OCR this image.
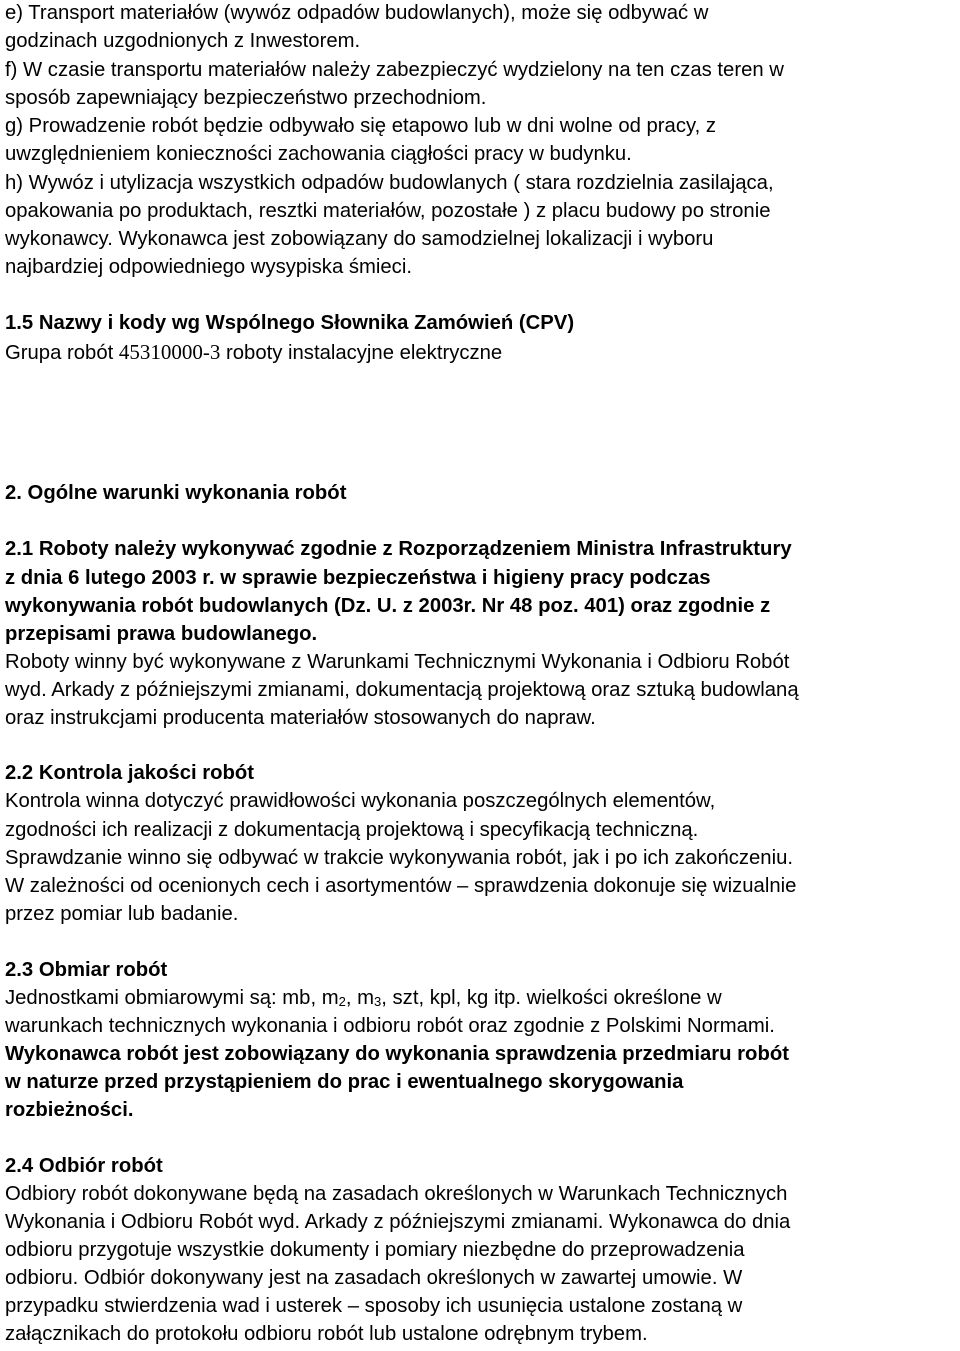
e) Transport materiałów (wywóz odpadów budowlanych), może się odbywać w
godzinach uzgodnionych z Inwestorem.
f) W czasie transportu materiałów należy zabezpieczyć wydzielony na ten czas teren w
sposób zapewniający bezpieczeństwo przechodniom.
g) Prowadzenie robót będzie odbywało się etapowo lub w dni wolne od pracy, z
uwzględnieniem konieczności zachowania ciągłości pracy w budynku.
h) Wywóz i utylizacja wszystkich odpadów budowlanych ( stara rozdzielnia zasilająca,
opakowania po produktach, resztki materiałów, pozostałe ) z placu budowy po stronie
wykonawcy. Wykonawca jest zobowiązany do samodzielnej lokalizacji i wyboru
najbardziej odpowiedniego wysypiska śmieci.
1.5 Nazwy i kody wg Wspólnego Słownika Zamówień (CPV)
Grupa robót 45310000-3 roboty instalacyjne elektryczne
2. Ogólne warunki wykonania robót
2.1 Roboty należy wykonywać zgodnie z Rozporządzeniem Ministra Infrastruktury
z dnia 6 lutego 2003 r. w sprawie bezpieczeństwa i higieny pracy podczas
wykonywania robót budowlanych (Dz. U. z 2003r. Nr 48 poz. 401) oraz zgodnie z
przepisami prawa budowlanego.
Roboty winny być wykonywane z Warunkami Technicznymi Wykonania i Odbioru Robót
wyd. Arkady z późniejszymi zmianami, dokumentacją projektową oraz sztuką budowlaną
oraz instrukcjami producenta materiałów stosowanych do napraw.
2.2 Kontrola jakości robót
Kontrola winna dotyczyć prawidłowości wykonania poszczególnych elementów,
zgodności ich realizacji z dokumentacją projektową i specyfikacją techniczną.
Sprawdzanie winno się odbywać w trakcie wykonywania robót, jak i po ich zakończeniu.
W zależności od ocenionych cech i asortymentów – sprawdzenia dokonuje się wizualnie
przez pomiar lub badanie.
2.3 Obmiar robót
Jednostkami obmiarowymi są: mb, m2, m3, szt, kpl, kg itp. wielkości określone w
warunkach technicznych wykonania i odbioru robót oraz zgodnie z Polskimi Normami.
Wykonawca robót jest zobowiązany do wykonania sprawdzenia przedmiaru robót
w naturze przed przystąpieniem do prac i ewentualnego skorygowania
rozbieżności.
2.4 Odbiór robót
Odbiory robót dokonywane będą na zasadach określonych w Warunkach Technicznych
Wykonania i Odbioru Robót wyd. Arkady z późniejszymi zmianami. Wykonawca do dnia
odbioru przygotuje wszystkie dokumenty i pomiary niezbędne do przeprowadzenia
odbioru. Odbiór dokonywany jest na zasadach określonych w zawartej umowie. W
przypadku stwierdzenia wad i usterek – sposoby ich usunięcia ustalone zostaną w
załącznikach do protokołu odbioru robót lub ustalone odrębnym trybem.
